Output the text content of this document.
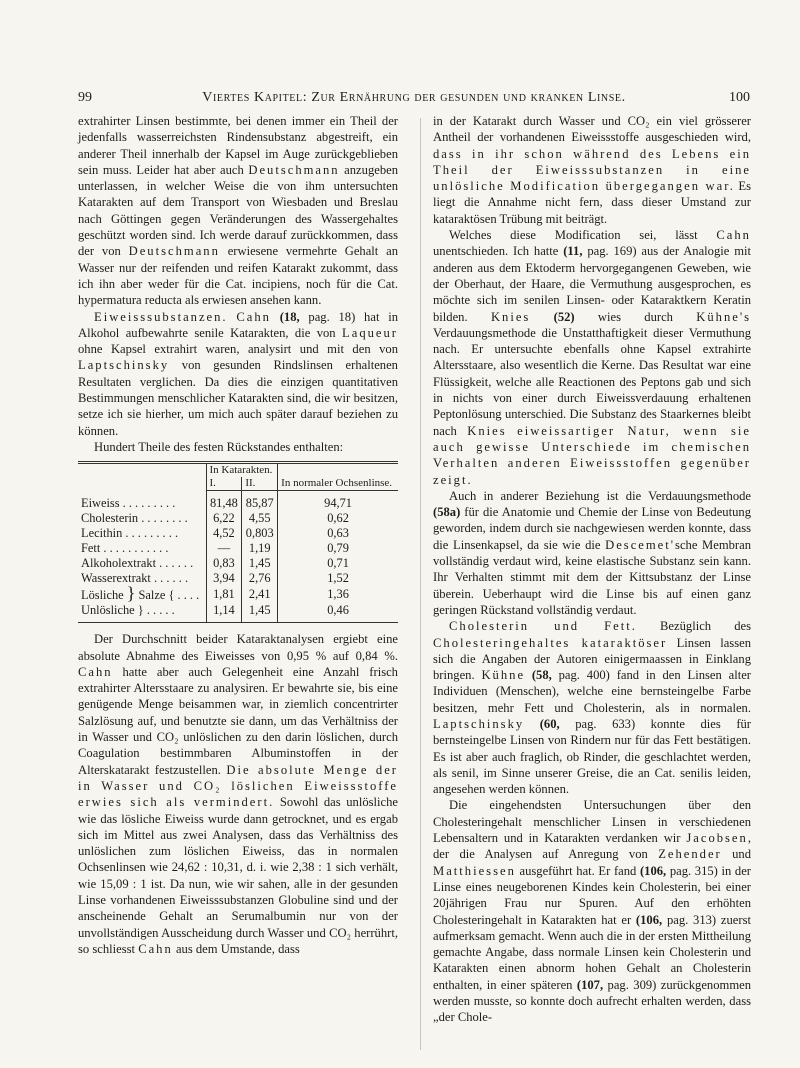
99	Viertes Kapitel: Zur Ernährung der gesunden und kranken Linse.	100

extrahirter Linsen bestimmte, bei denen immer ein Theil der jedenfalls wasserreichsten Rindensubstanz abgestreift, ein anderer Theil innerhalb der Kapsel im Auge zurückgeblieben sein muss. Leider hat aber auch Deutschmann anzugeben unterlassen, in welcher Weise die von ihm untersuchten Katarakten auf dem Transport von Wiesbaden und Breslau nach Göttingen gegen Veränderungen des Wassergehaltes geschützt worden sind. Ich werde darauf zurückkommen, dass der von Deutschmann erwiesene vermehrte Gehalt an Wasser nur der reifenden und reifen Katarakt zukommt, dass ich ihn aber weder für die Cat. incipiens, noch für die Cat. hypermatura reducta als erwiesen ansehen kann.

Eiweisssubstanzen. Cahn (18, pag. 18) hat in Alkohol aufbewahrte senile Katarakten, die von Laqueur ohne Kapsel extrahirt waren, analysirt und mit den von Laptschinsky von gesunden Rindslinsen erhaltenen Resultaten verglichen. Da dies die einzigen quantitativen Bestimmungen menschlicher Katarakten sind, die wir besitzen, setze ich sie hierher, um mich auch später darauf beziehen zu können.

Hundert Theile des festen Rückstandes enthalten:

	In Katarakten.		In normaler Ochsenlinse.
	I.	II.	
Eiweiss . . . . . . . . .	81,48	85,87	94,71
Cholesterin . . . . . . . .	6,22	4,55	0,62
Lecithin . . . . . . . . .	4,52	0,803	0,63
Fett . . . . . . . . . . .	—	1,19	0,79
Alkoholextrakt . . . . . .	0,83	1,45	0,71
Wasserextrakt . . . . . .	3,94	2,76	1,52
Lösliche } Salze { . . . .	1,81	2,41	1,36
Unlösliche } . . . . .	1,14	1,45	0,46

Der Durchschnitt beider Kataraktanalysen ergiebt eine absolute Abnahme des Eiweisses von 0,95 % auf 0,84 %. Cahn hatte aber auch Gelegenheit eine Anzahl frisch extrahirter Altersstaare zu analysiren. Er bewahrte sie, bis eine genügende Menge beisammen war, in ziemlich concentrirter Salzlösung auf, und benutzte sie dann, um das Verhältniss der in Wasser und CO₂ unlöslichen zu den darin löslichen, durch Coagulation bestimmbaren Albuminstoffen in der Alterskatarakt festzustellen. Die absolute Menge der in Wasser und CO₂ löslichen Eiweissstoffe erwies sich als vermindert. Sowohl das unlösliche wie das lösliche Eiweiss wurde dann getrocknet, und es ergab sich im Mittel aus zwei Analysen, dass das Verhältniss des unlöslichen zum löslichen Eiweiss, das in normalen Ochsenlinsen wie 24,62 : 10,31, d. i. wie 2,38 : 1 sich verhält, wie 15,09 : 1 ist. Da nun, wie wir sahen, alle in der gesunden Linse vorhandenen Eiweisssubstanzen Globuline sind und der anscheinende Gehalt an Serumalbumin nur von der unvollständigen Ausscheidung durch Wasser und CO₂ herrührt, so schliesst Cahn aus dem Umstande, dass

in der Katarakt durch Wasser und CO₂ ein viel grösserer Antheil der vorhandenen Eiweissstoffe ausgeschieden wird, dass in ihr schon während des Lebens ein Theil der Eiweisssubstanzen in eine unlösliche Modification übergegangen war. Es liegt die Annahme nicht fern, dass dieser Umstand zur kataraktösen Trübung mit beiträgt.

Welches diese Modification sei, lässt Cahn unentschieden. Ich hatte (11, pag. 169) aus der Analogie mit anderen aus dem Ektoderm hervorgegangenen Geweben, wie der Oberhaut, der Haare, die Vermuthung ausgesprochen, es möchte sich im senilen Linsen- oder Kataraktkern Keratin bilden. Knies (52) wies durch Kühne's Verdauungsmethode die Unstatthaftigkeit dieser Vermuthung nach. Er untersuchte ebenfalls ohne Kapsel extrahirte Altersstaare, also wesentlich die Kerne. Das Resultat war eine Flüssigkeit, welche alle Reactionen des Peptons gab und sich in nichts von einer durch Eiweissverdauung erhaltenen Peptonlösung unterschied. Die Substanz des Staarkernes bleibt nach Knies eiweissartiger Natur, wenn sie auch gewisse Unterschiede im chemischen Verhalten anderen Eiweissstoffen gegenüber zeigt.

Auch in anderer Beziehung ist die Verdauungsmethode (58a) für die Anatomie und Chemie der Linse von Bedeutung geworden, indem durch sie nachgewiesen werden konnte, dass die Linsenkapsel, da sie wie die Descemet'sche Membran vollständig verdaut wird, keine elastische Substanz sein kann. Ihr Verhalten stimmt mit dem der Kittsubstanz der Linse überein. Ueberhaupt wird die Linse bis auf einen ganz geringen Rückstand vollständig verdaut.

Cholesterin und Fett. Bezüglich des Cholesteringehaltes kataraktöser Linsen lassen sich die Angaben der Autoren einigermaassen in Einklang bringen. Kühne (58, pag. 400) fand in den Linsen alter Individuen (Menschen), welche eine bernsteingelbe Farbe besitzen, mehr Fett und Cholesterin, als in normalen. Laptschinsky (60, pag. 633) konnte dies für bernsteingelbe Linsen von Rindern nur für das Fett bestätigen. Es ist aber auch fraglich, ob Rinder, die geschlachtet werden, als senil, im Sinne unserer Greise, die an Cat. senilis leiden, angesehen werden können.

Die eingehendsten Untersuchungen über den Cholesteringehalt menschlicher Linsen in verschiedenen Lebensaltern und in Katarakten verdanken wir Jacobsen, der die Analysen auf Anregung von Zehender und Matthiessen ausgeführt hat. Er fand (106, pag. 315) in der Linse eines neugeborenen Kindes kein Cholesterin, bei einer 20jährigen Frau nur Spuren. Auf den erhöhten Cholesteringehalt in Katarakten hat er (106, pag. 313) zuerst aufmerksam gemacht. Wenn auch die in der ersten Mittheilung gemachte Angabe, dass normale Linsen kein Cholesterin und Katarakten einen abnorm hohen Gehalt an Cholesterin enthalten, in einer späteren (107, pag. 309) zurückgenommen werden musste, so konnte doch aufrecht erhalten werden, dass „der Chole-
